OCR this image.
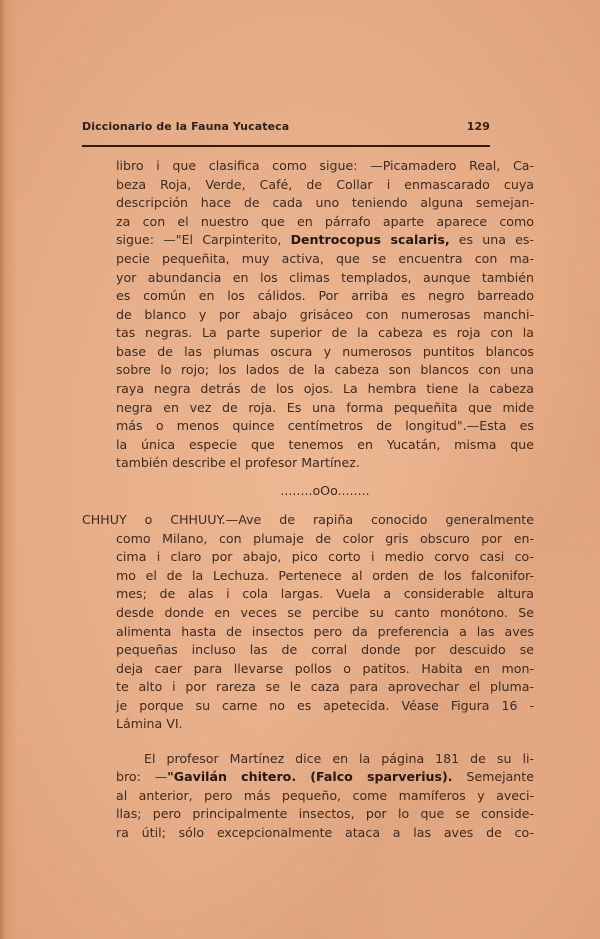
Diccionario de la Fauna Yucateca	129
libro i que clasifica como sigue: —Picamadero Real, Ca-
beza Roja, Verde, Café, de Collar i enmascarado cuya
descripción hace de cada uno teniendo alguna semejan-
za con el nuestro que en párrafo aparte aparece como
sigue: —"El Carpinterito, Dentrocopus scalaris, es una es-
pecie pequeñita, muy activa, que se encuentra con ma-
yor abundancia en los climas templados, aunque también
es común en los cálidos. Por arriba es negro barreado
de blanco y por abajo grisáceo con numerosas manchi-
tas negras. La parte superior de la cabeza es roja con la
base de las plumas oscura y numerosos puntitos blancos
sobre lo rojo; los lados de la cabeza son blancos con una
raya negra detrás de los ojos. La hembra tiene la cabeza
negra en vez de roja. Es una forma pequeñita que mide
más o menos quince centímetros de longitud".—Esta es
la única especie que tenemos en Yucatán, misma que
también describe el profesor Martínez.
........oOo........
CHHUY o CHHUUY.—Ave de rapiña conocido generalmente
como Milano, con plumaje de color gris obscuro por en-
cima i claro por abajo, pico corto i medio corvo casi co-
mo el de la Lechuza. Pertenece al orden de los falconifor-
mes; de alas i cola largas. Vuela a considerable altura
desde donde en veces se percibe su canto monótono. Se
alimenta hasta de insectos pero da preferencia a las aves
pequeñas incluso las de corral donde por descuido se
deja caer para llevarse pollos o patitos. Habita en mon-
te alto i por rareza se le caza para aprovechar el pluma-
je porque su carne no es apetecida. Véase Figura 16 -
Lámina VI.
El profesor Martínez dice en la página 181 de su li-
bro: —"Gavilán chitero. (Falco sparverius). Semejante
al anterior, pero más pequeño, come mamíferos y aveci-
llas; pero principalmente insectos, por lo que se conside-
ra útil; sólo excepcionalmente ataca a las aves de co-
